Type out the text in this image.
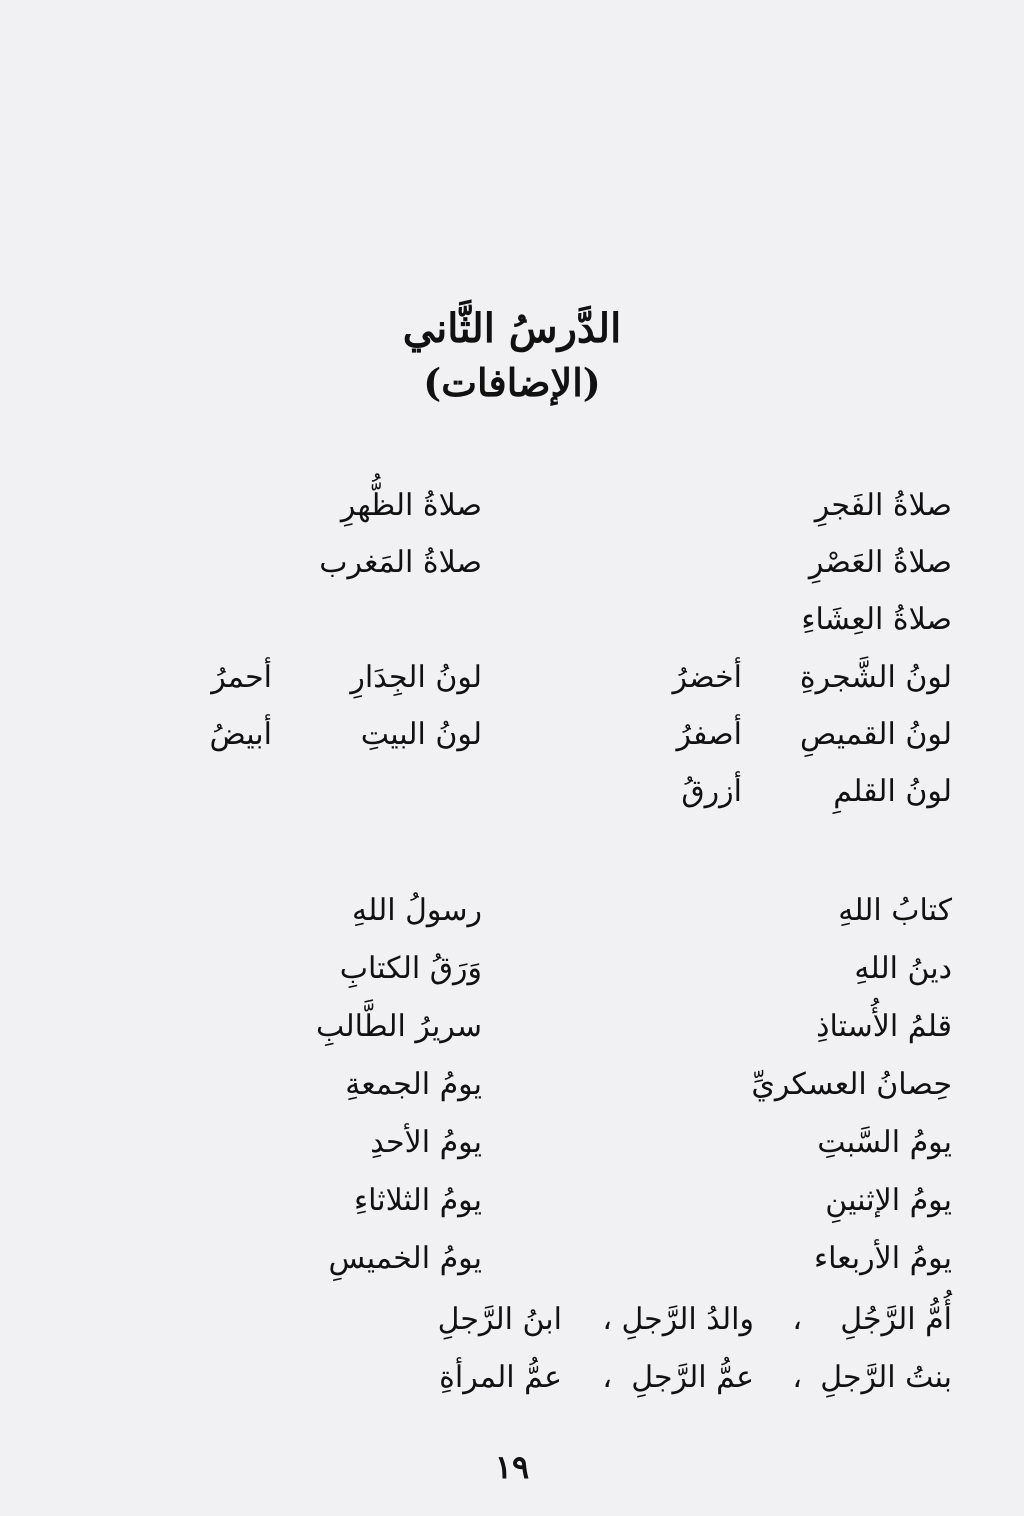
الدَّرسُ الثَّاني
(الإضافات)
صلاةُ الفَجرِ
صلاةُ الظُّهرِ
صلاةُ العَصْرِ
صلاةُ المَغرب
صلاةُ العِشَاءِ
لونُ الشَّجرةِ
أخضرُ
لونُ الجِدَارِ
أحمرُ
لونُ القميصِ
أصفرُ
لونُ البيتِ
أبيضُ
لونُ القلمِ
أزرقُ
كتابُ اللهِ
رسولُ اللهِ
دينُ اللهِ
وَرَقُ الكتابِ
قلمُ الأُستاذِ
سريرُ الطَّالبِ
حِصانُ العسكريِّ
يومُ الجمعةِ
يومُ السَّبتِ
يومُ الأحدِ
يومُ الإثنينِ
يومُ الثلاثاءِ
يومُ الأربعاء
يومُ الخميسِ
أُمُّ الرَّجُلِ
،
والدُ الرَّجلِ
،
ابنُ الرَّجلِ
بنتُ الرَّجلِ
،
عمُّ الرَّجلِ
،
عمُّ المرأةِ
١٩
